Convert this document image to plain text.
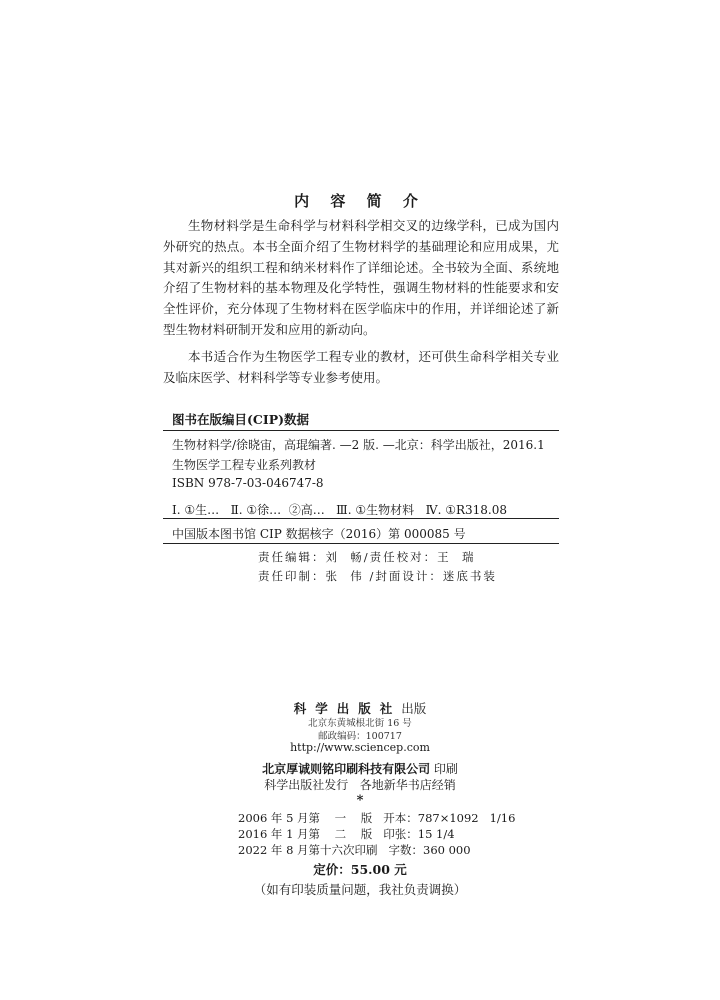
内 容 简 介

生物材料学是生命科学与材料科学相交叉的边缘学科，已成为国内外研究的热点。本书全面介绍了生物材料学的基础理论和应用成果，尤其对新兴的组织工程和纳米材料作了详细论述。全书较为全面、系统地介绍了生物材料的基本物理及化学特性，强调生物材料的性能要求和安全性评价，充分体现了生物材料在医学临床中的作用，并详细论述了新型生物材料研制开发和应用的新动向。

本书适合作为生物医学工程专业的教材，还可供生命科学相关专业及临床医学、材料科学等专业参考使用。

图书在版编目(CIP)数据
生物材料学/徐晓宙，高琨编著. —2 版. —北京：科学出版社，2016.1
生物医学工程专业系列教材
ISBN 978-7-03-046747-8
Ⅰ. ①生…   Ⅱ. ①徐…  ②高…   Ⅲ. ①生物材料   Ⅳ. ①R318.08
中国版本图书馆 CIP 数据核字（2016）第 000085 号
责任编辑：刘  畅/责任校对：王  瑞
责任印制：张  伟 /封面设计：迷底书装
科学出版社出版
北京东黄城根北街 16 号
邮政编码：100717
http://www.sciencep.com
北京厚诚则铭印刷科技有限公司 印刷
科学出版社发行   各地新华书店经销
*
2006 年 5 月第    一    版   开本：787×1092   1/16
2016 年 1 月第    二    版   印张：15 1/4
2022 年 8 月第十六次印刷   字数：360 000
定价：55.00 元
（如有印装质量问题，我社负责调换）
